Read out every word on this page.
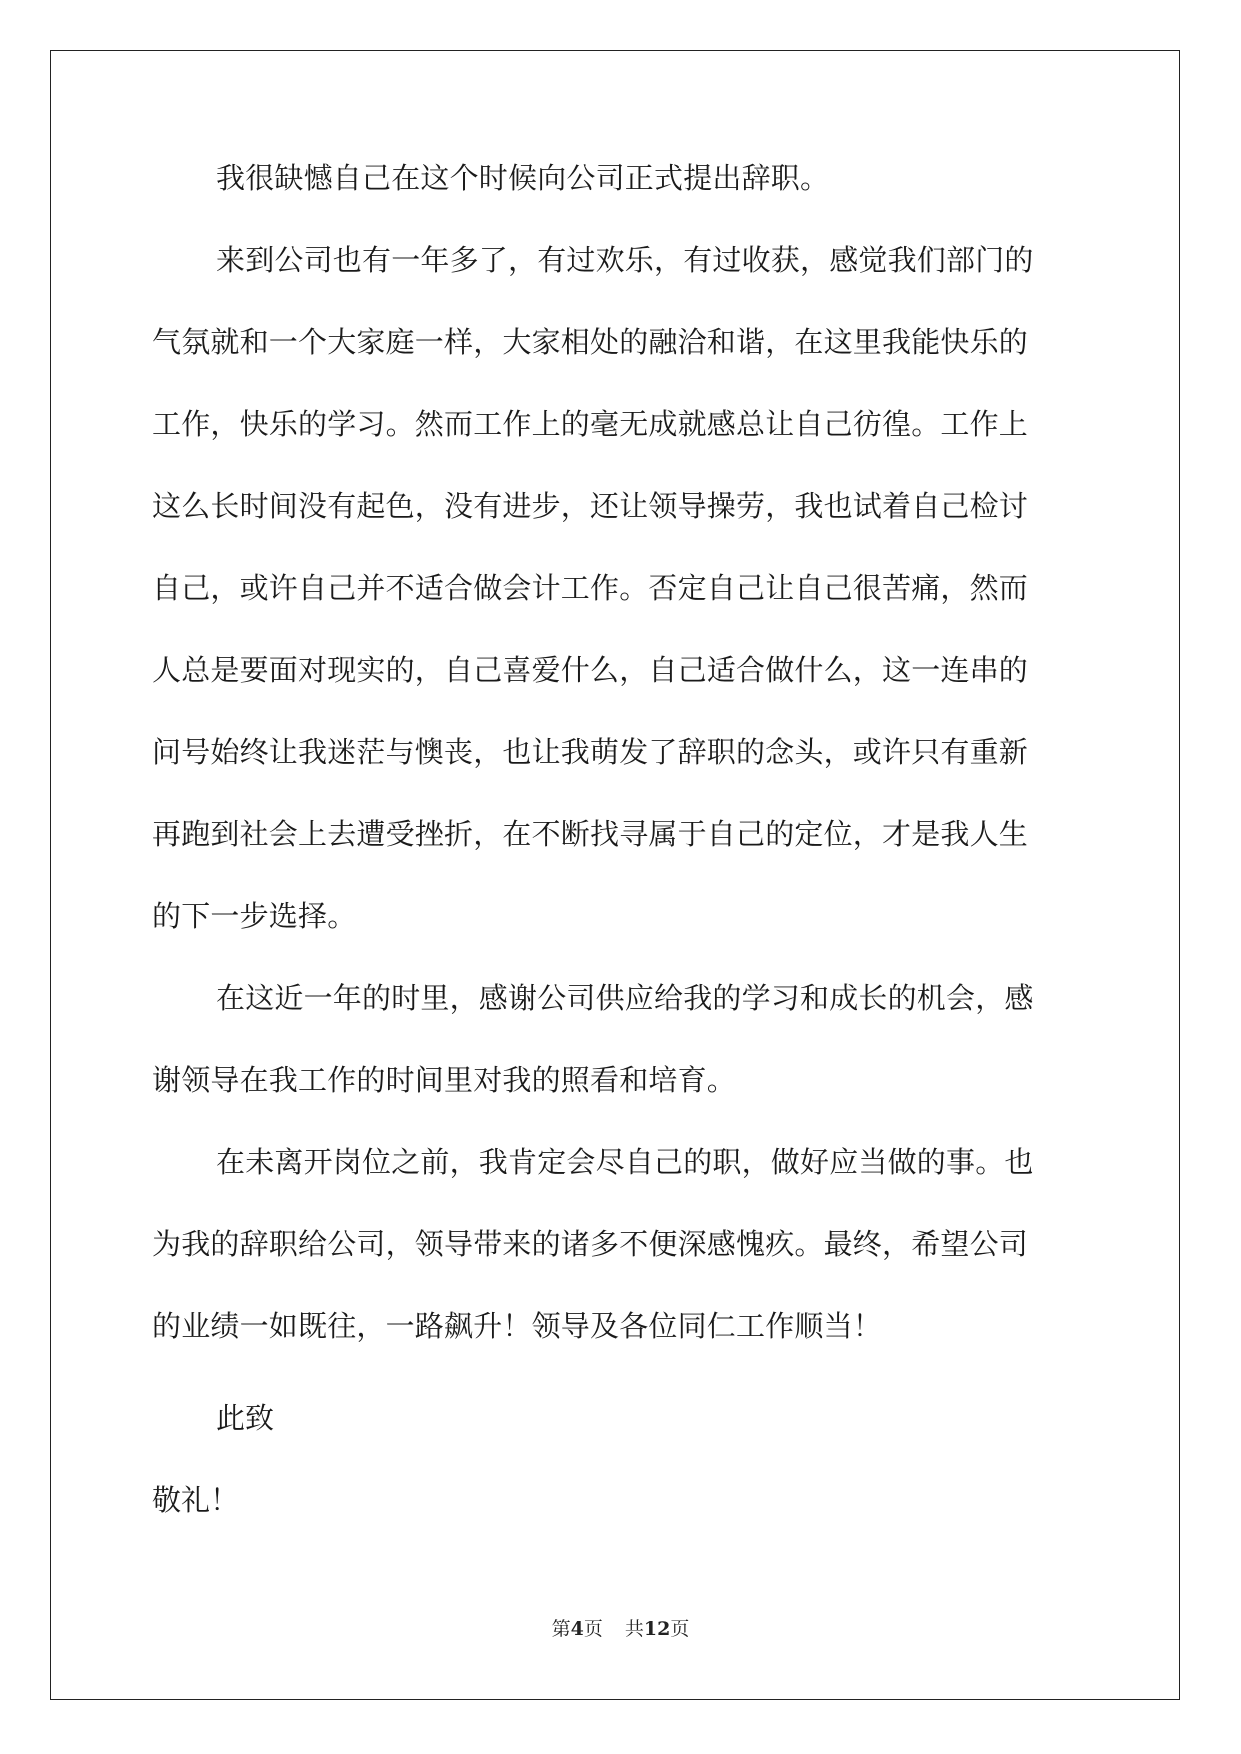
我很缺憾自己在这个时候向公司正式提出辞职。
来到公司也有一年多了，有过欢乐，有过收获，感觉我们部门的
气氛就和一个大家庭一样，大家相处的融洽和谐，在这里我能快乐的
工作，快乐的学习。然而工作上的毫无成就感总让自己彷徨。工作上
这么长时间没有起色，没有进步，还让领导操劳，我也试着自己检讨
自己，或许自己并不适合做会计工作。否定自己让自己很苦痛，然而
人总是要面对现实的，自己喜爱什么，自己适合做什么，这一连串的
问号始终让我迷茫与懊丧，也让我萌发了辞职的念头，或许只有重新
再跑到社会上去遭受挫折，在不断找寻属于自己的定位，才是我人生
的下一步选择。
在这近一年的时里，感谢公司供应给我的学习和成长的机会，感
谢领导在我工作的时间里对我的照看和培育。
在未离开岗位之前，我肯定会尽自己的职，做好应当做的事。也
为我的辞职给公司，领导带来的诸多不便深感愧疚。最终，希望公司
的业绩一如既往，一路飙升！领导及各位同仁工作顺当！
此致
敬礼！
第4页 共12页
